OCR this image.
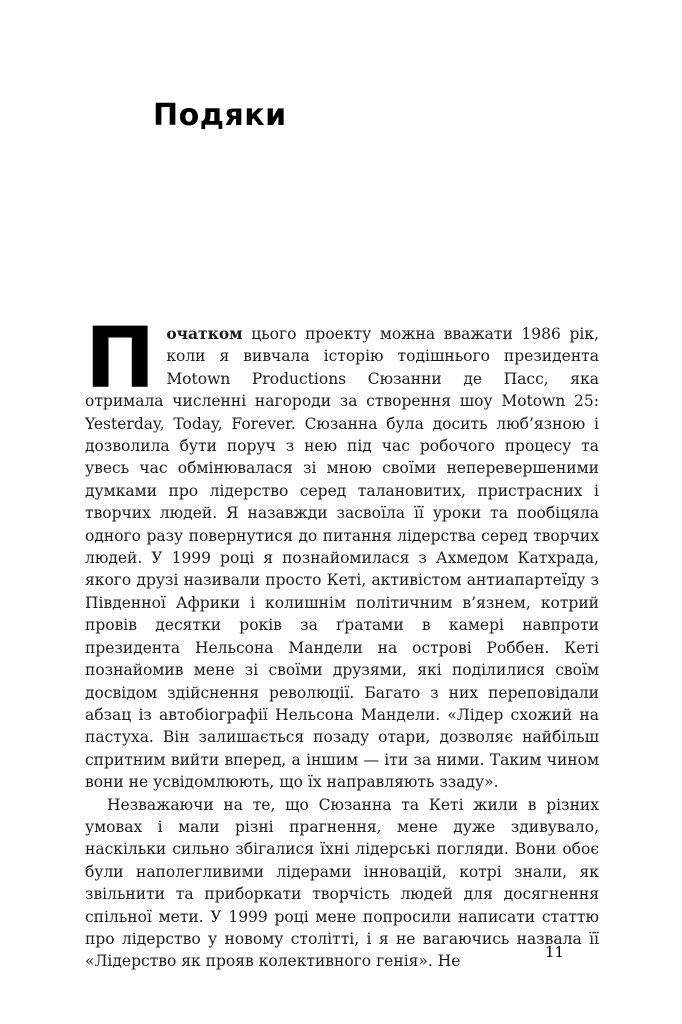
Подяки

Початком цього проекту можна вважати 1986 рік, коли я вивчала історію тодішнього президента Motown Productions Сюзанни де Пасс, яка отримала численні нагороди за створення шоу Motown 25: Yesterday, Today, Forever. Сюзанна була досить люб’язною і дозволила бути поруч з нею під час робочого процесу та увесь час обмінювалася зі мною своїми неперевершеними думками про лідерство серед талановитих, пристрасних і творчих людей. Я назавжди засвоїла її уроки та пообіцяла одного разу повернутися до питання лідерства серед творчих людей. У 1999 році я познайомилася з Ахмедом Катхрада, якого друзі називали просто Кеті, активістом антиапартеїду з Південної Африки і колишнім політичним в’язнем, котрий провів десятки років за ґратами в камері навпроти президента Нельсона Мандели на острові Роббен. Кеті познайомив мене зі своїми друзями, які поділилися своїм досвідом здійснення революції. Багато з них переповідали абзац із автобіографії Нельсона Мандели. «Лідер схожий на пастуха. Він залишається позаду отари, дозволяє найбільш спритним вийти вперед, а іншим — іти за ними. Таким чином вони не усвідомлюють, що їх направляють ззаду».

Незважаючи на те, що Сюзанна та Кеті жили в різних умовах і мали різні прагнення, мене дуже здивувало, наскільки сильно збігалися їхні лідерські погляди. Вони обоє були наполегливими лідерами інновацій, котрі знали, як звільнити та приборкати творчість людей для досягнення спільної мети. У 1999 році мене попросили написати статтю про лідерство у новому столітті, і я не вагаючись назвала її «Лідерство як прояв колективного генія». Не

11
